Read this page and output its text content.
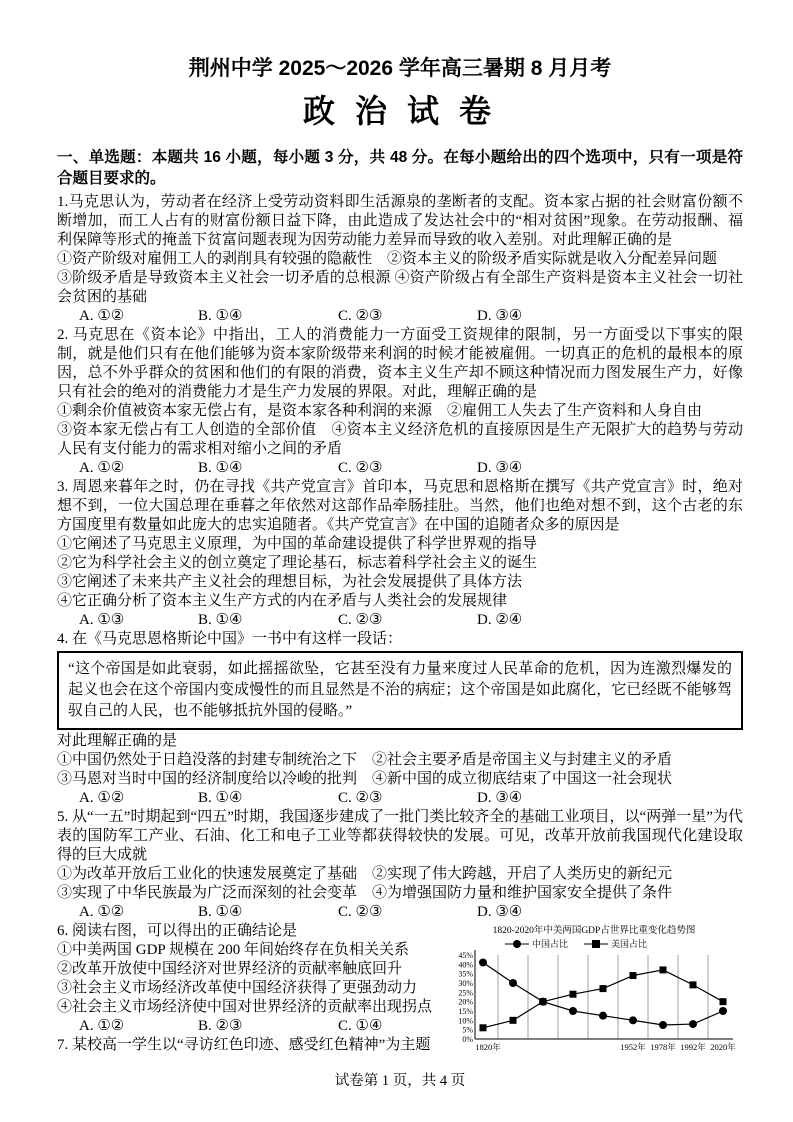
荆州中学 2025～2026 学年高三暑期 8 月月考
政 治 试 卷
一、单选题：本题共 16 小题，每小题 3 分，共 48 分。在每小题给出的四个选项中，只有一项是符合题目要求的。
1.马克思认为，劳动者在经济上受劳动资料即生活源泉的垄断者的支配。资本家占据的社会财富份额不断增加，而工人占有的财富份额日益下降，由此造成了发达社会中的“相对贫困”现象。在劳动报酬、福利保障等形式的掩盖下贫富问题表现为因劳动能力差异而导致的收入差别。对此理解正确的是
①资产阶级对雇佣工人的剥削具有较强的隐蔽性　②资本主义的阶级矛盾实际就是收入分配差异问题
③阶级矛盾是导致资本主义社会一切矛盾的总根源 ④资产阶级占有全部生产资料是资本主义社会一切社会贫困的基础
A. ①②	B. ①④	C. ②③	D. ③④
2. 马克思在《资本论》中指出，工人的消费能力一方面受工资规律的限制，另一方面受以下事实的限制，就是他们只有在他们能够为资本家阶级带来利润的时候才能被雇佣。一切真正的危机的最根本的原因，总不外乎群众的贫困和他们的有限的消费，资本主义生产却不顾这种情况而力图发展生产力，好像只有社会的绝对的消费能力才是生产力发展的界限。对此，理解正确的是
①剩余价值被资本家无偿占有，是资本家各种利润的来源　②雇佣工人失去了生产资料和人身自由
③资本家无偿占有工人创造的全部价值　④资本主义经济危机的直接原因是生产无限扩大的趋势与劳动人民有支付能力的需求相对缩小之间的矛盾
A. ①②	B. ①④	C. ②③	D. ③④
3. 周恩来暮年之时，仍在寻找《共产党宣言》首印本，马克思和恩格斯在撰写《共产党宣言》时，绝对想不到，一位大国总理在垂暮之年依然对这部作品牵肠挂肚。当然，他们也绝对想不到，这个古老的东方国度里有数量如此庞大的忠实追随者。《共产党宣言》在中国的追随者众多的原因是
①它阐述了马克思主义原理，为中国的革命建设提供了科学世界观的指导
②它为科学社会主义的创立奠定了理论基石，标志着科学社会主义的诞生
③它阐述了未来共产主义社会的理想目标，为社会发展提供了具体方法
④它正确分析了资本主义生产方式的内在矛盾与人类社会的发展规律
A. ①③	B. ①④	C. ②③	D. ②④
4. 在《马克思恩格斯论中国》一书中有这样一段话：
“这个帝国是如此衰弱，如此摇摇欲坠，它甚至没有力量来度过人民革命的危机，因为连激烈爆发的起义也会在这个帝国内变成慢性的而且显然是不治的病症；这个帝国是如此腐化，它已经既不能够驾驭自己的人民，也不能够抵抗外国的侵略。”
对此理解正确的是
①中国仍然处于日趋没落的封建专制统治之下　②社会主要矛盾是帝国主义与封建主义的矛盾
③马恩对当时中国的经济制度给以冷峻的批判　④新中国的成立彻底结束了中国这一社会现状
A. ①②	B. ①④	C. ②③	D. ③④
5. 从“一五”时期起到“四五”时期，我国逐步建成了一批门类比较齐全的基础工业项目，以“两弹一星”为代表的国防军工产业、石油、化工和电子工业等都获得较快的发展。可见，改革开放前我国现代化建设取得的巨大成就
①为改革开放后工业化的快速发展奠定了基础　②实现了伟大跨越，开启了人类历史的新纪元
③实现了中华民族最为广泛而深刻的社会变革　④为增强国防力量和维护国家安全提供了条件
A. ①②	B. ①④	C. ②③	D. ③④
1820-2020年中美两国GDP占世界比重变化趋势图
中国占比	美国占比
0%
5%
10%
15%
20%
25%
30%
35%
40%
45%
1820年	1952年 1978年 1992年 2020年
6. 阅读右图，可以得出的正确结论是
①中美两国 GDP 规模在 200 年间始终存在负相关关系
②改革开放使中国经济对世界经济的贡献率触底回升
③社会主义市场经济改革使中国经济获得了更强劲动力
④社会主义市场经济使中国对世界经济的贡献率出现拐点
A. ①②	B. ②③	C. ①④
7. 某校高一学生以“寻访红色印迹、感受红色精神”为主题
试卷第 1 页，共 4 页
